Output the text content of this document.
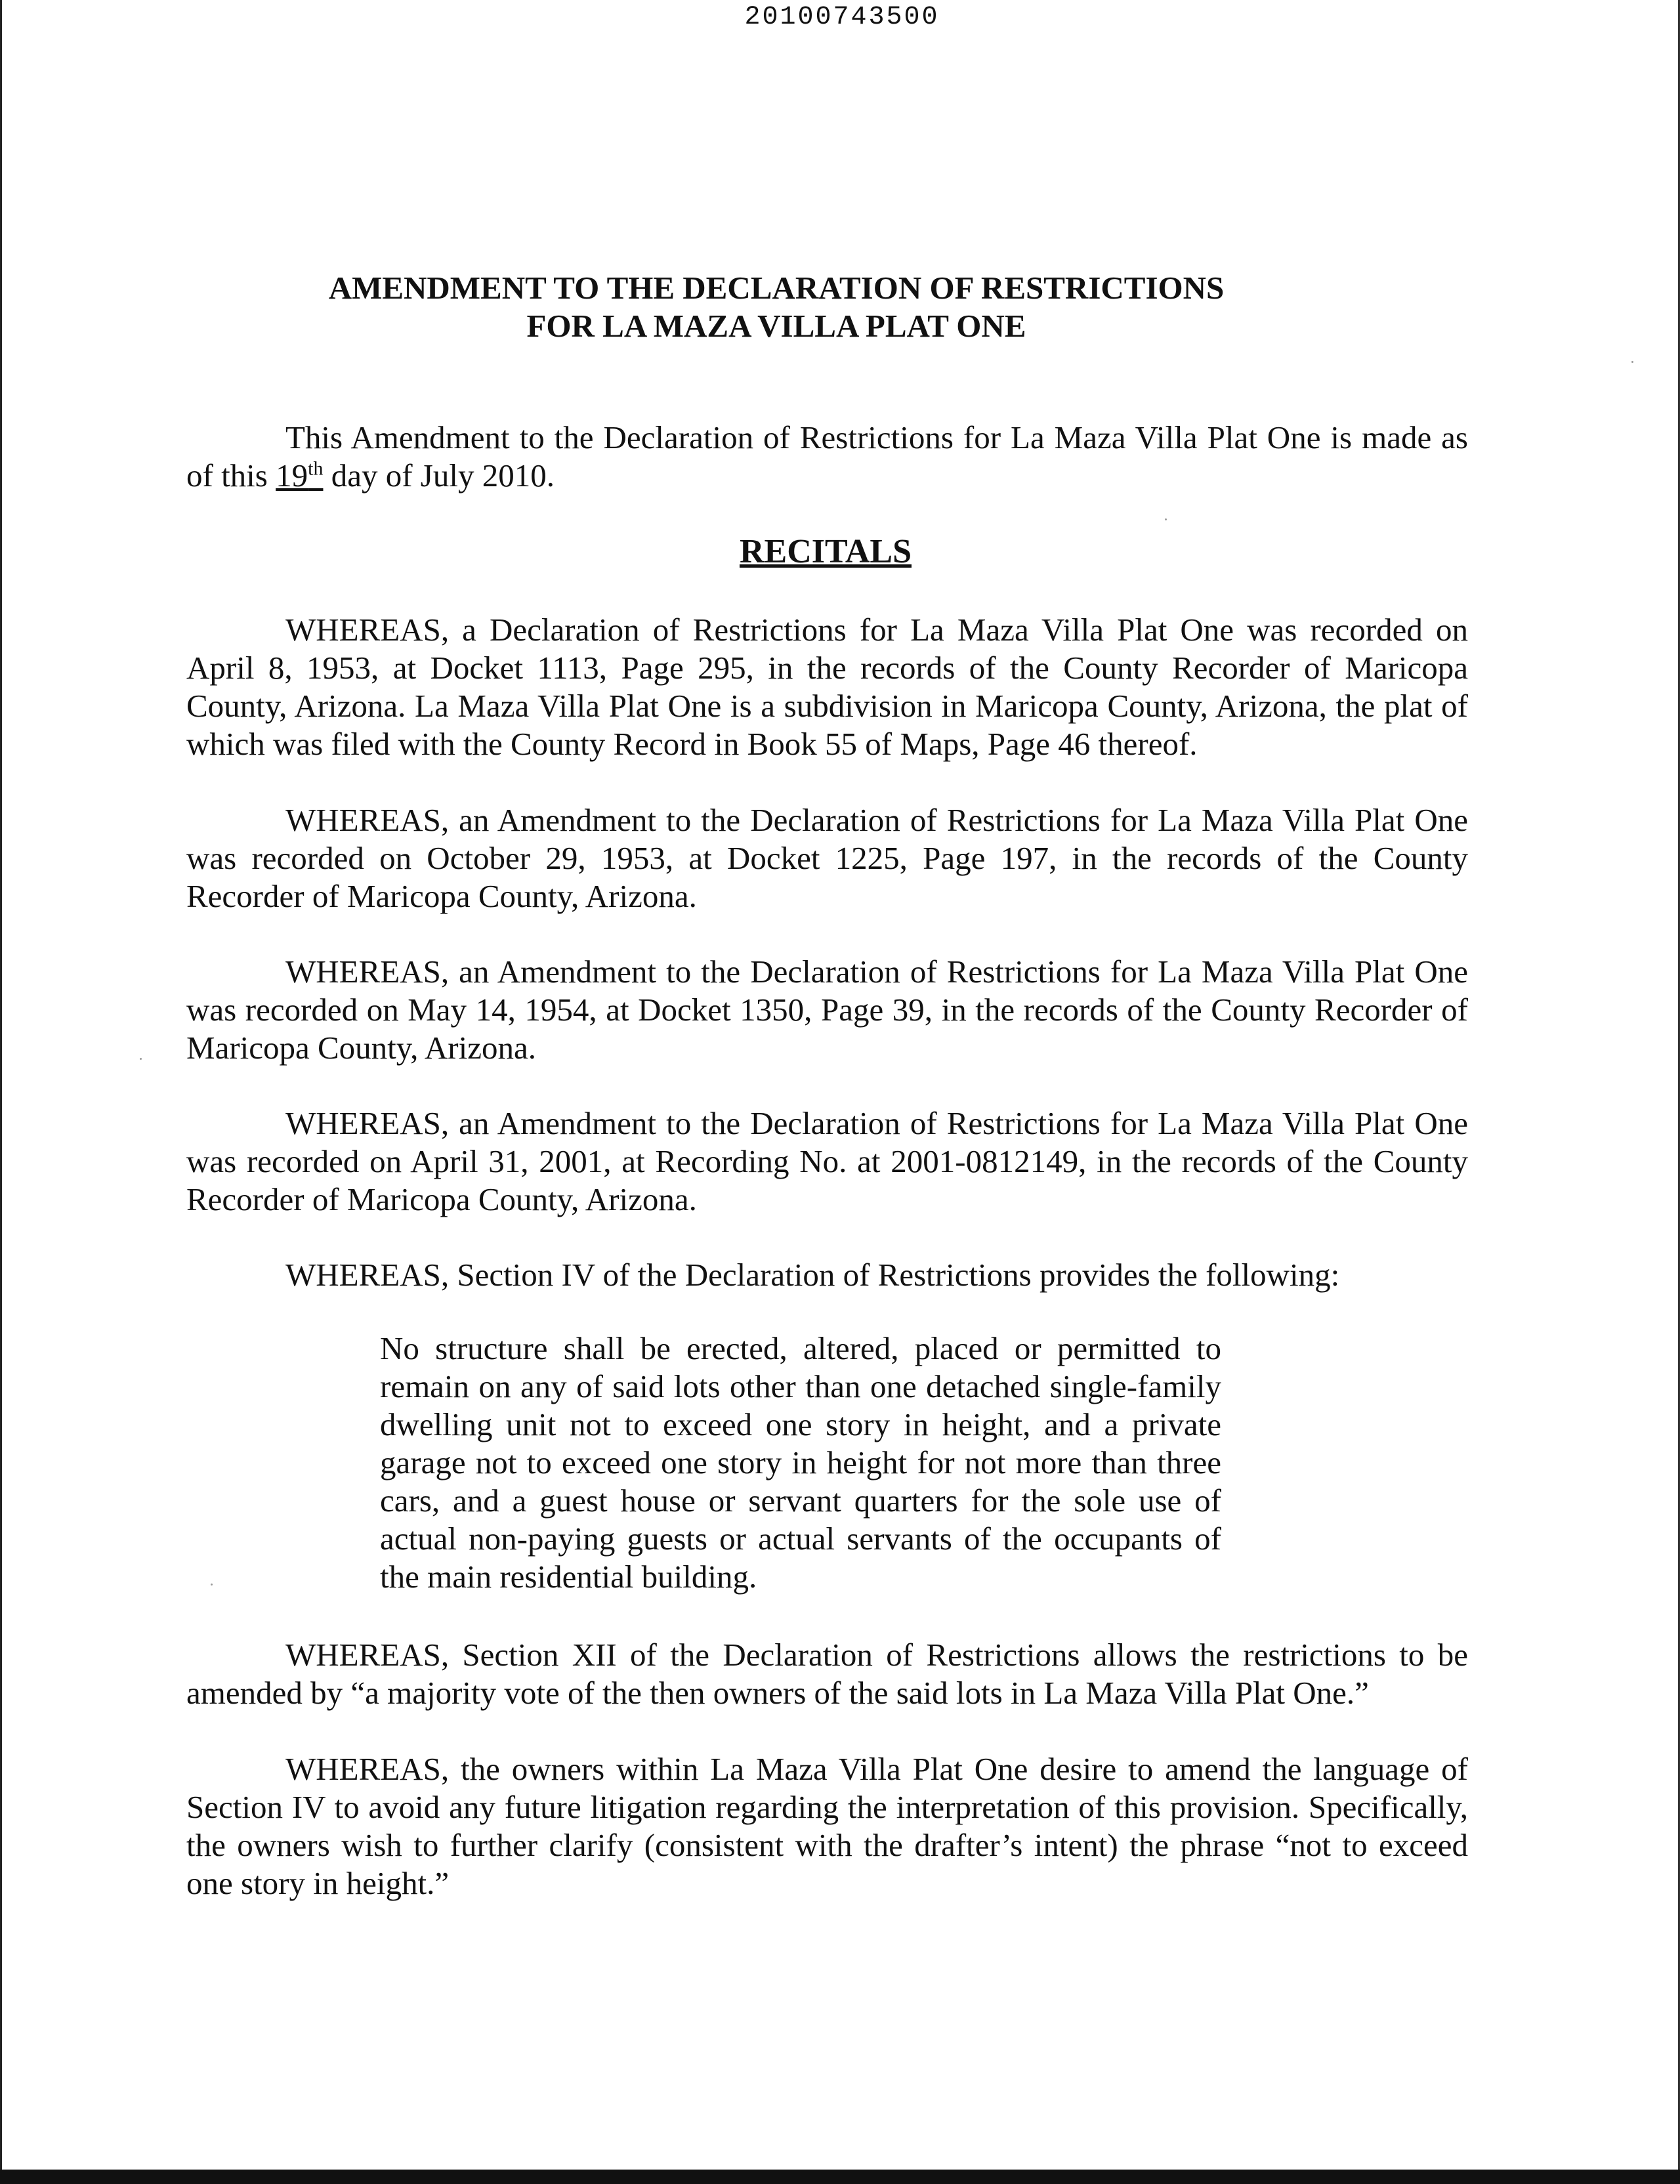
20100743500
AMENDMENT TO THE DECLARATION OF RESTRICTIONS
FOR LA MAZA VILLA PLAT ONE

This Amendment to the Declaration of Restrictions for La Maza Villa Plat One is made as of this 19th day of July 2010.

RECITALS

WHEREAS, a Declaration of Restrictions for La Maza Villa Plat One was recorded on April 8, 1953, at Docket 1113, Page 295, in the records of the County Recorder of Maricopa County, Arizona. La Maza Villa Plat One is a subdivision in Maricopa County, Arizona, the plat of which was filed with the County Record in Book 55 of Maps, Page 46 thereof.

WHEREAS, an Amendment to the Declaration of Restrictions for La Maza Villa Plat One was recorded on October 29, 1953, at Docket 1225, Page 197, in the records of the County Recorder of Maricopa County, Arizona.

WHEREAS, an Amendment to the Declaration of Restrictions for La Maza Villa Plat One was recorded on May 14, 1954, at Docket 1350, Page 39, in the records of the County Recorder of Maricopa County, Arizona.

WHEREAS, an Amendment to the Declaration of Restrictions for La Maza Villa Plat One was recorded on April 31, 2001, at Recording No. at 2001-0812149, in the records of the County Recorder of Maricopa County, Arizona.

WHEREAS, Section IV of the Declaration of Restrictions provides the following:

No structure shall be erected, altered, placed or permitted to remain on any of said lots other than one detached single-family dwelling unit not to exceed one story in height, and a private garage not to exceed one story in height for not more than three cars, and a guest house or servant quarters for the sole use of actual non-paying guests or actual servants of the occupants of the main residential building.

WHEREAS, Section XII of the Declaration of Restrictions allows the restrictions to be amended by “a majority vote of the then owners of the said lots in La Maza Villa Plat One.”

WHEREAS, the owners within La Maza Villa Plat One desire to amend the language of Section IV to avoid any future litigation regarding the interpretation of this provision. Specifically, the owners wish to further clarify (consistent with the drafter’s intent) the phrase “not to exceed one story in height.”
